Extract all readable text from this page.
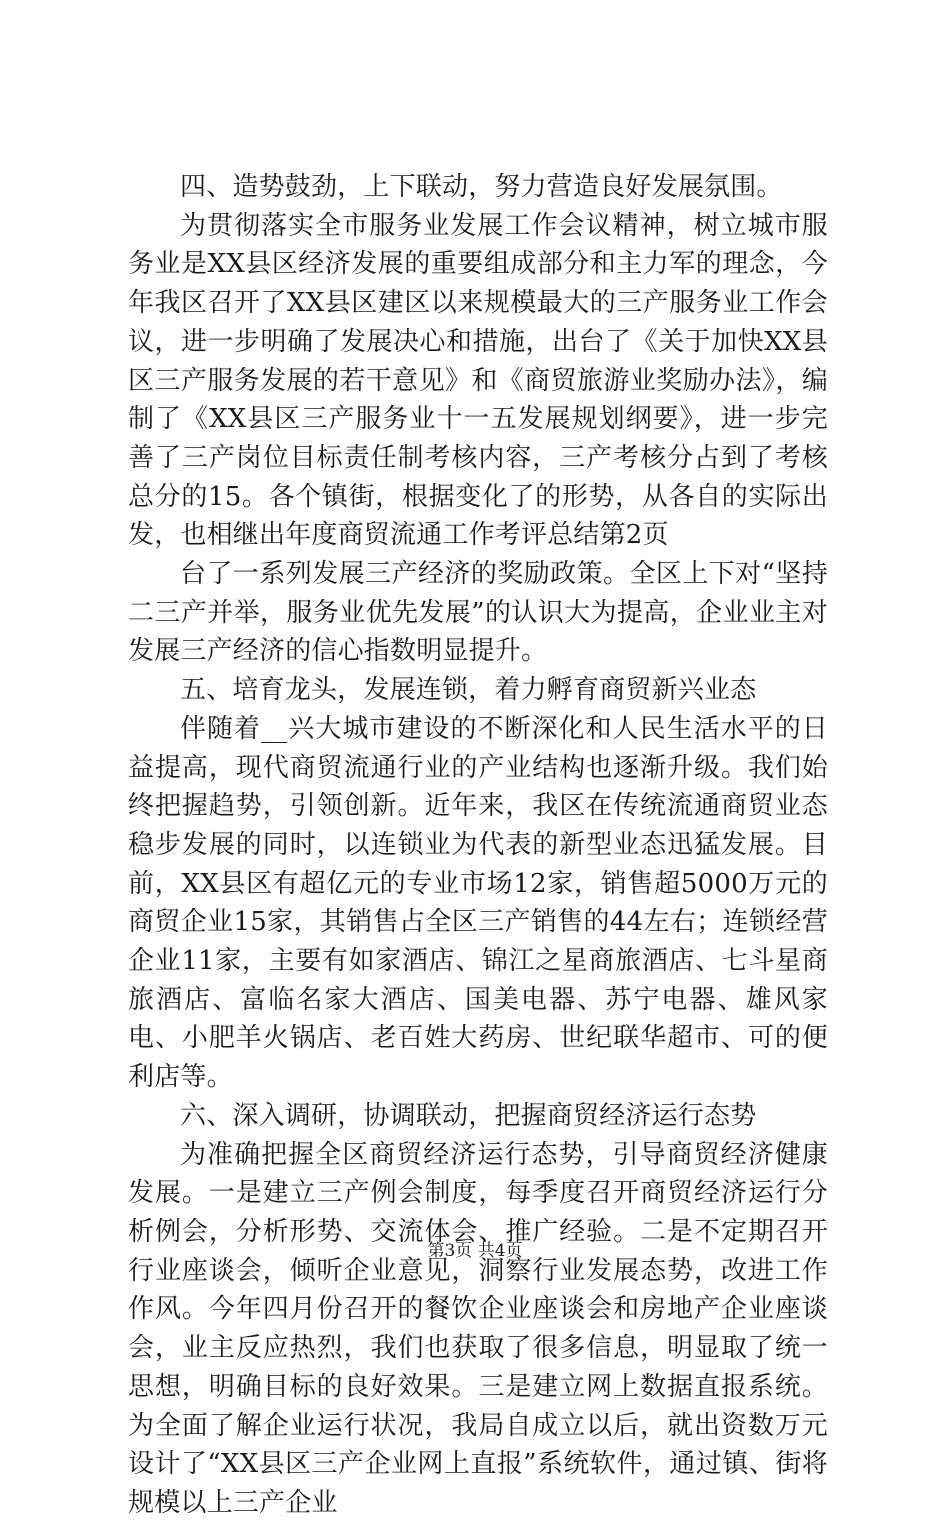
四、造势鼓劲，上下联动，努力营造良好发展氛围。

为贯彻落实全市服务业发展工作会议精神，树立城市服务业是XX县区经济发展的重要组成部分和主力军的理念，今年我区召开了XX县区建区以来规模最大的三产服务业工作会议，进一步明确了发展决心和措施，出台了《关于加快XX县区三产服务发展的若干意见》和《商贸旅游业奖励办法》，编制了《XX县区三产服务业十一五发展规划纲要》，进一步完善了三产岗位目标责任制考核内容，三产考核分占到了考核总分的15。各个镇街，根据变化了的形势，从各自的实际出发，也相继出年度商贸流通工作考评总结第2页

台了一系列发展三产经济的奖励政策。全区上下对“坚持二三产并举，服务业优先发展”的认识大为提高，企业业主对发展三产经济的信心指数明显提升。

五、培育龙头，发展连锁，着力孵育商贸新兴业态

伴随着__兴大城市建设的不断深化和人民生活水平的日益提高，现代商贸流通行业的产业结构也逐渐升级。我们始终把握趋势，引领创新。近年来，我区在传统流通商贸业态稳步发展的同时，以连锁业为代表的新型业态迅猛发展。目前，XX县区有超亿元的专业市场12家，销售超5000万元的商贸企业15家，其销售占全区三产销售的44左右；连锁经营企业11家，主要有如家酒店、锦江之星商旅酒店、七斗星商旅酒店、富临名家大酒店、国美电器、苏宁电器、雄风家电、小肥羊火锅店、老百姓大药房、世纪联华超市、可的便利店等。

六、深入调研，协调联动，把握商贸经济运行态势

为准确把握全区商贸经济运行态势，引导商贸经济健康发展。一是建立三产例会制度，每季度召开商贸经济运行分析例会，分析形势、交流体会、推广经验。二是不定期召开行业座谈会，倾听企业意见，洞察行业发展态势，改进工作作风。今年四月份召开的餐饮企业座谈会和房地产企业座谈会，业主反应热烈，我们也获取了很多信息，明显取了统一思想，明确目标的良好效果。三是建立网上数据直报系统。为全面了解企业运行状况，我局自成立以后，就出资数万元设计了“XX县区三产企业网上直报”系统软件，通过镇、街将规模以上三产企业

第3页 共4页
